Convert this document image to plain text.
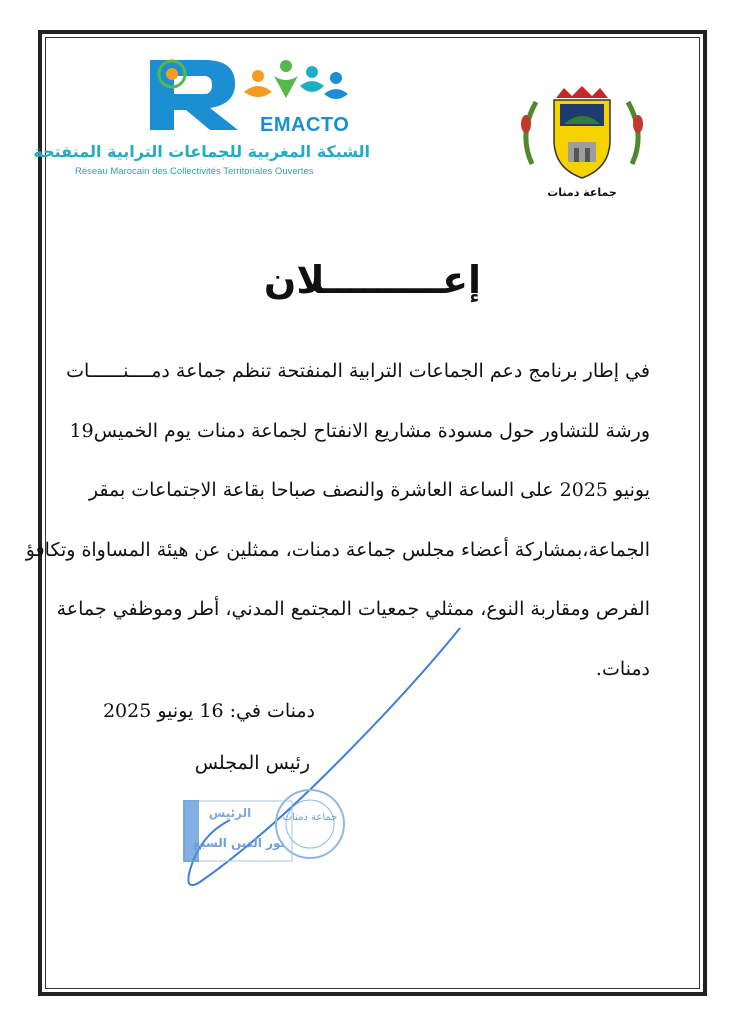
EMACTO
الشبكة المغربية للجماعات الترابية المنفتحة
Réseau Marocain des Collectivités Territoriales Ouvertes
جماعة دمنات
إعـــــــــلان
في إطار برنامج دعم الجماعات الترابية المنفتحة تنظم جماعة دمــــنــــــات
ورشة للتشاور حول مسودة مشاريع الانفتاح لجماعة دمنات يوم الخميس19
يونيو 2025 على الساعة العاشرة والنصف صباحا بقاعة الاجتماعات بمقر
الجماعة،بمشاركة أعضاء مجلس جماعة دمنات، ممثلين عن هيئة المساواة وتكافؤ
الفرص ومقاربة النوع، ممثلي جمعيات المجتمع المدني، أطر وموظفي جماعة
دمنات.
دمنات في: 16 يونيو 2025
رئيس المجلس
الرئيس
نور الدين السبع
جماعة دمنات
